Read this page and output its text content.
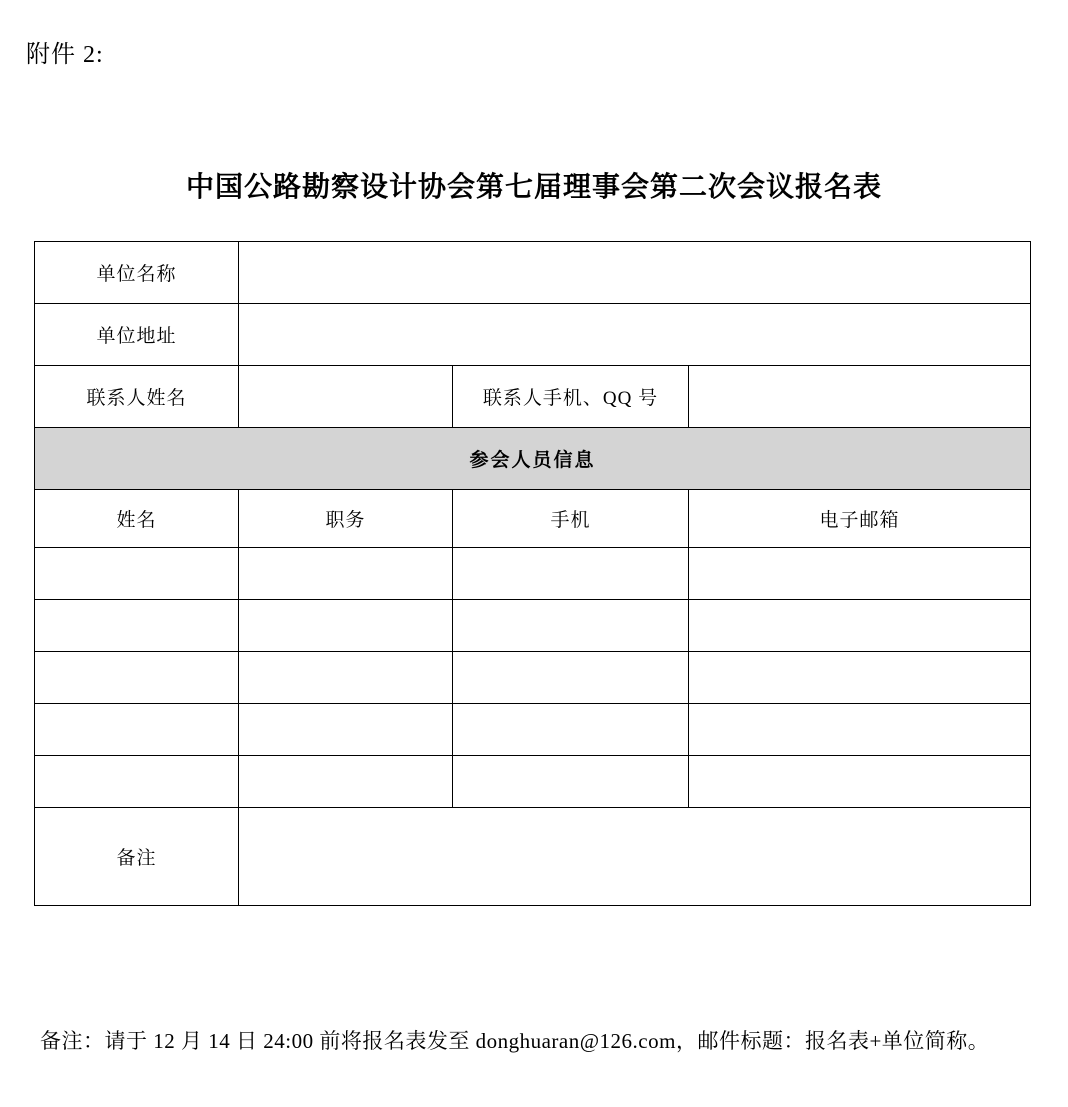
附件 2:
中国公路勘察设计协会第七届理事会第二次会议报名表
单位名称			
单位地址			
联系人姓名		联系人手机、QQ 号	
参会人员信息			
姓名	职务	手机	电子邮箱

备注			
备注：请于 12 月 14 日 24:00 前将报名表发至 donghuaran@126.com，邮件标题：报名表+单位简称。
